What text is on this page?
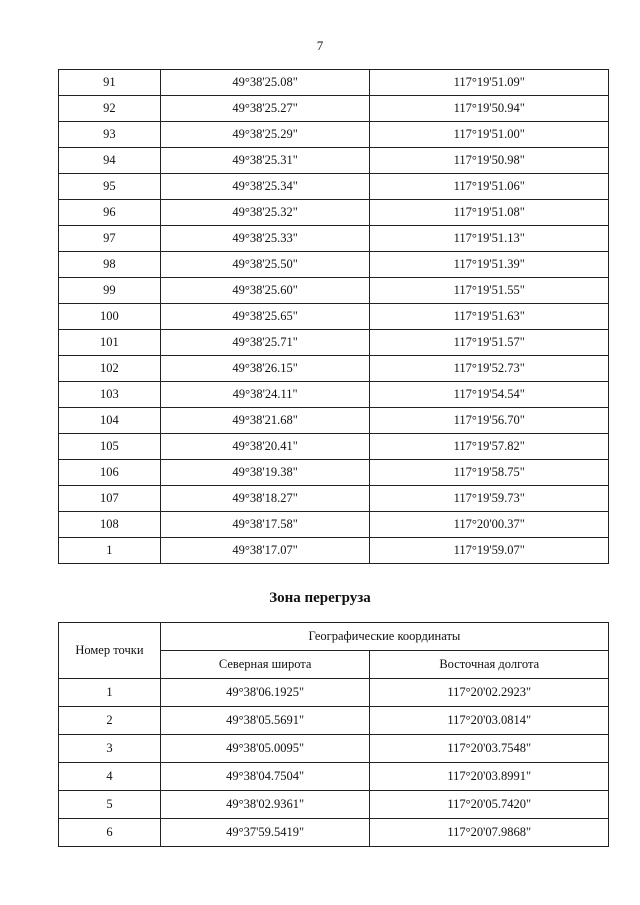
7
91	49°38'25.08"	117°19'51.09"
92	49°38'25.27"	117°19'50.94"
93	49°38'25.29"	117°19'51.00"
94	49°38'25.31"	117°19'50.98"
95	49°38'25.34"	117°19'51.06"
96	49°38'25.32"	117°19'51.08"
97	49°38'25.33"	117°19'51.13"
98	49°38'25.50"	117°19'51.39"
99	49°38'25.60"	117°19'51.55"
100	49°38'25.65"	117°19'51.63"
101	49°38'25.71"	117°19'51.57"
102	49°38'26.15"	117°19'52.73"
103	49°38'24.11"	117°19'54.54"
104	49°38'21.68"	117°19'56.70"
105	49°38'20.41"	117°19'57.82"
106	49°38'19.38"	117°19'58.75"
107	49°38'18.27"	117°19'59.73"
108	49°38'17.58"	117°20'00.37"
1	49°38'17.07"	117°19'59.07"
Зона перегруза
Номер точки	Географические координаты	
	Северная широта	Восточная долгота
1	49°38'06.1925"	117°20'02.2923"
2	49°38'05.5691"	117°20'03.0814"
3	49°38'05.0095"	117°20'03.7548"
4	49°38'04.7504"	117°20'03.8991"
5	49°38'02.9361"	117°20'05.7420"
6	49°37'59.5419"	117°20'07.9868"
